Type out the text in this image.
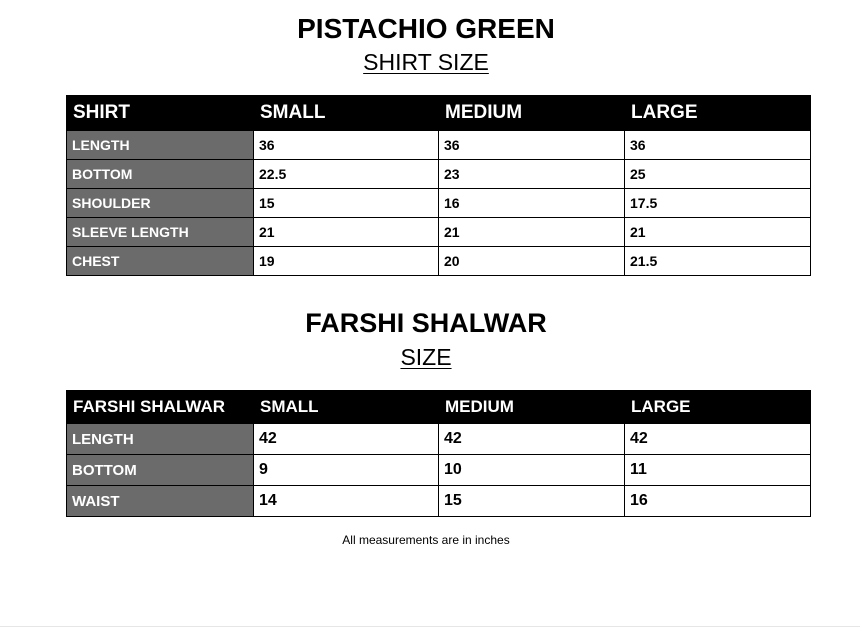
PISTACHIO GREEN
SHIRT SIZE
SHIRT	SMALL	MEDIUM	LARGE
LENGTH	36	36	36
BOTTOM	22.5	23	25
SHOULDER	15	16	17.5
SLEEVE LENGTH	21	21	21
CHEST	19	20	21.5
FARSHI SHALWAR
SIZE
FARSHI SHALWAR	SMALL	MEDIUM	LARGE
LENGTH	42	42	42
BOTTOM	9	10	11
WAIST	14	15	16
All measurements are in inches
